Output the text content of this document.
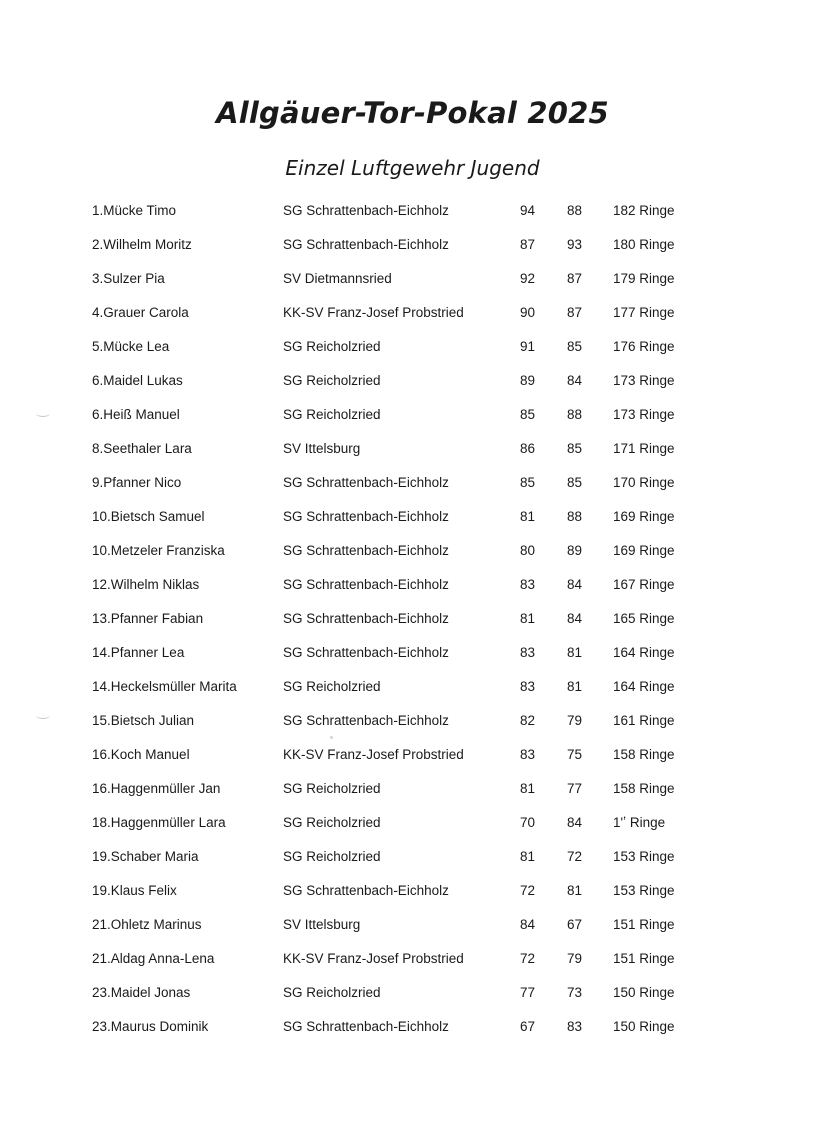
Allgäuer-Tor-Pokal 2025
Einzel Luftgewehr Jugend
1.Mücke Timo	SG Schrattenbach-Eichholz	94	88 182 Ringe
2.Wilhelm Moritz	SG Schrattenbach-Eichholz	87	93 180 Ringe
3.Sulzer Pia	SV Dietmannsried	92	87 179 Ringe
4.Grauer Carola	KK-SV Franz-Josef Probstried	90	87 177 Ringe
5.Mücke Lea	SG Reicholzried	91	85 176 Ringe
6.Maidel Lukas	SG Reicholzried	89	84 173 Ringe
6.Heiß Manuel	SG Reicholzried	85	88 173 Ringe
8.Seethaler Lara	SV Ittelsburg	86	85 171 Ringe
9.Pfanner Nico	SG Schrattenbach-Eichholz	85	85 170 Ringe
10.Bietsch Samuel	SG Schrattenbach-Eichholz	81	88 169 Ringe
10.Metzeler Franziska	SG Schrattenbach-Eichholz	80	89 169 Ringe
12.Wilhelm Niklas	SG Schrattenbach-Eichholz	83	84 167 Ringe
13.Pfanner Fabian	SG Schrattenbach-Eichholz	81	84 165 Ringe
14.Pfanner Lea	SG Schrattenbach-Eichholz	83	81 164 Ringe
14.Heckelsmüller Marita	SG Reicholzried	83	81 164 Ringe
15.Bietsch Julian	SG Schrattenbach-Eichholz	82	79 161 Ringe
16.Koch Manuel	KK-SV Franz-Josef Probstried	83	75 158 Ringe
16.Haggenmüller Jan	SG Reicholzried	81	77 158 Ringe
18.Haggenmüller Lara	SG Reicholzried	70	84 1'ʼ Ringe
19.Schaber Maria	SG Reicholzried	81	72 153 Ringe
19.Klaus Felix	SG Schrattenbach-Eichholz	72	81 153 Ringe
21.Ohletz Marinus	SV Ittelsburg	84	67 151 Ringe
21.Aldag Anna-Lena	KK-SV Franz-Josef Probstried	72	79 151 Ringe
23.Maidel Jonas	SG Reicholzried	77	73 150 Ringe
23.Maurus Dominik	SG Schrattenbach-Eichholz	67	83 150 Ringe
